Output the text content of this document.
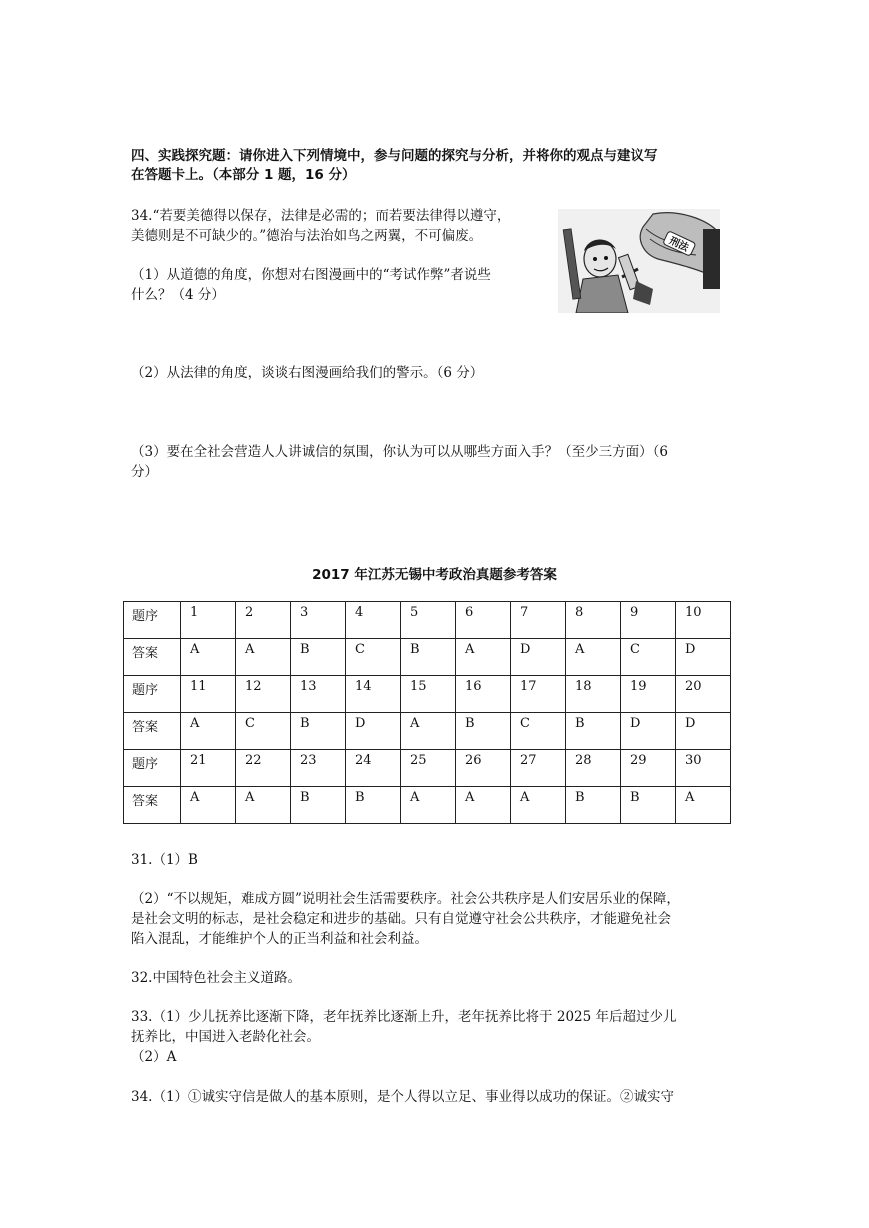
四、实践探究题：请你进入下列情境中，参与问题的探究与分析，并将你的观点与建议写
在答题卡上。（本部分 1 题，16 分）
34.“若要美德得以保存，法律是必需的；而若要法律得以遵守，
美德则是不可缺少的。”德治与法治如鸟之两翼，不可偏废。
（1）从道德的角度，你想对右图漫画中的“考试作弊”者说些
什么？（4 分）
（2）从法律的角度，谈谈右图漫画给我们的警示。（6 分）
（3）要在全社会营造人人讲诚信的氛围，你认为可以从哪些方面入手？（至少三方面）（6
分）
刑法
2017 年江苏无锡中考政治真题参考答案
题序	1	2	3	4	5	6	7	8	9	10
答案	A	A	B	C	B	A	D	A	C	D
题序	11	12	13	14	15	16	17	18	19	20
答案	A	C	B	D	A	B	C	B	D	D
题序	21	22	23	24	25	26	27	28	29	30
答案	A	A	B	B	A	A	A	B	B	A
31.（1）B
（2）“不以规矩，难成方圆”说明社会生活需要秩序。社会公共秩序是人们安居乐业的保障，
是社会文明的标志，是社会稳定和进步的基础。只有自觉遵守社会公共秩序，才能避免社会
陷入混乱，才能维护个人的正当利益和社会利益。
32.中国特色社会主义道路。
33.（1）少儿抚养比逐渐下降，老年抚养比逐渐上升，老年抚养比将于 2025 年后超过少儿
抚养比，中国进入老龄化社会。
（2）A
34.（1）①诚实守信是做人的基本原则，是个人得以立足、事业得以成功的保证。②诚实守
